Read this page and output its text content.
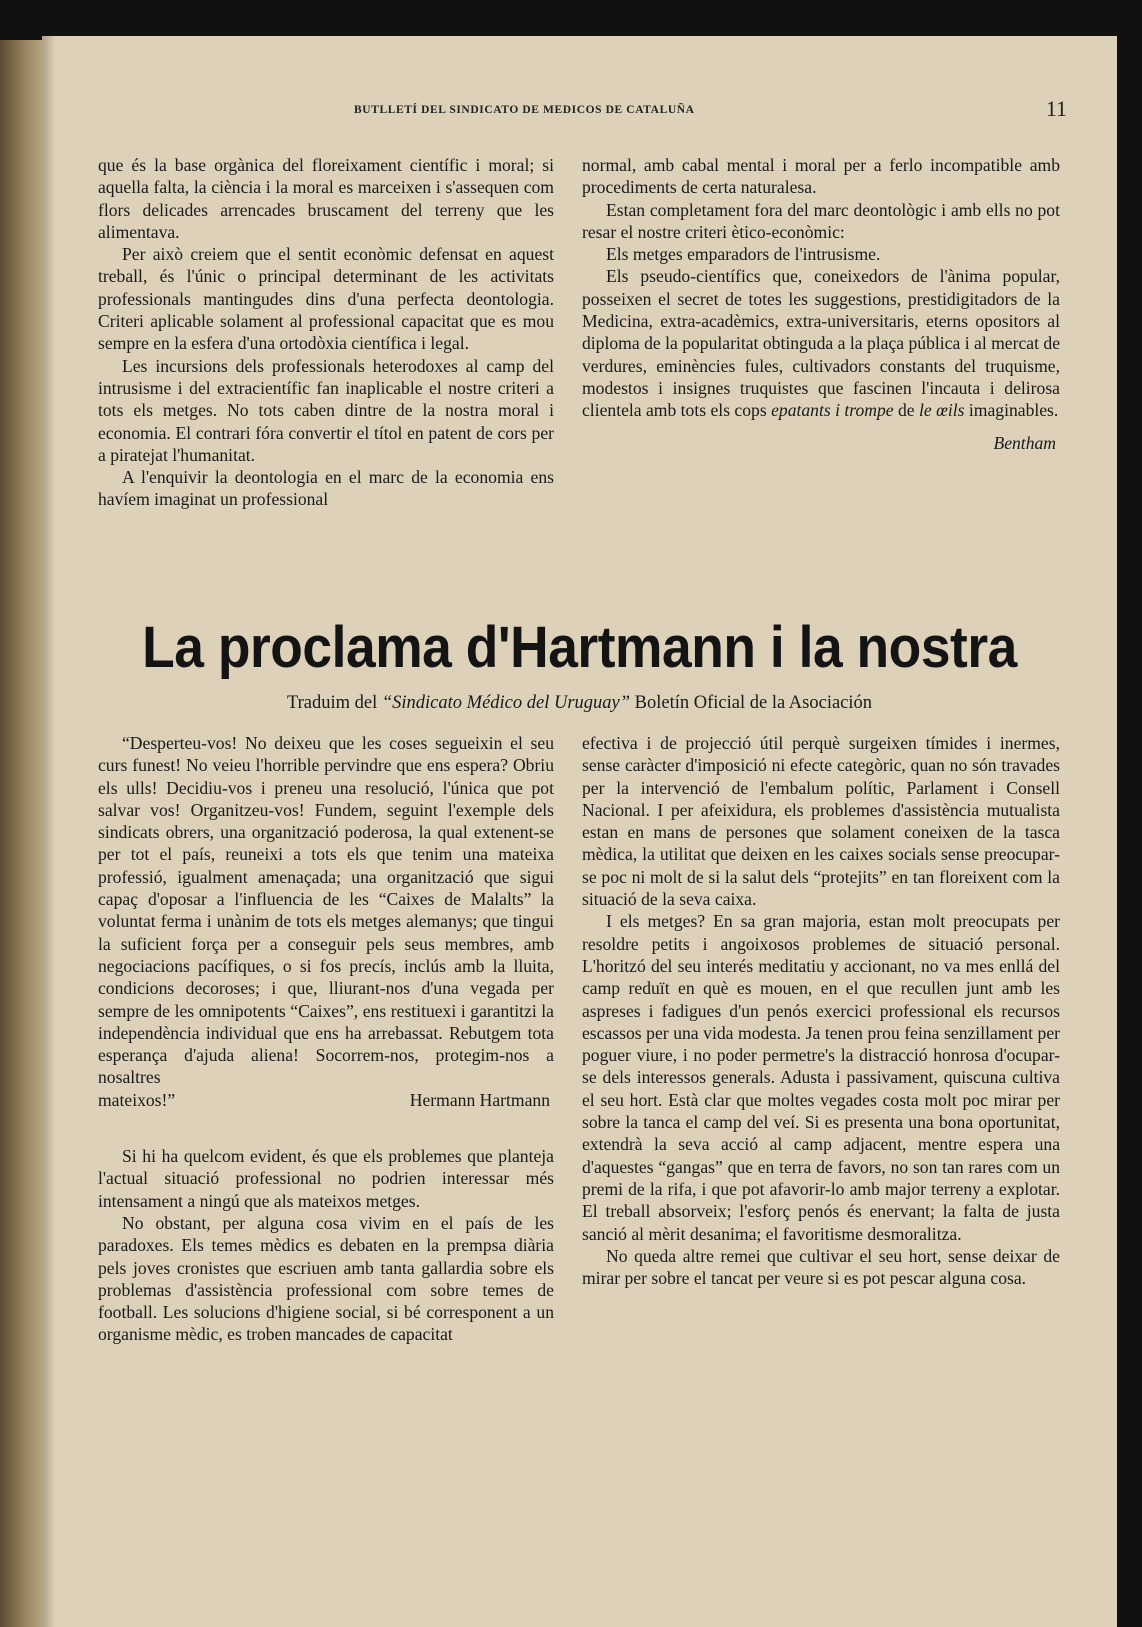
BUTLLETÍ DEL SINDICATO DE MEDICOS DE CATALUÑA	11

que és la base orgànica del floreixament científic i moral; si aquella falta, la ciència i la moral es marceixen i s'assequen com flors delicades arrencades bruscament del terreny que les alimentava.

Per això creiem que el sentit econòmic defensat en aquest treball, és l'únic o principal determinant de les activitats professionals mantingudes dins d'una perfecta deontologia. Criteri aplicable solament al professional capacitat que es mou sempre en la esfera d'una ortodòxia científica i legal.

Les incursions dels professionals heterodoxes al camp del intrusisme i del extracientífic fan inaplicable el nostre criteri a tots els metges. No tots caben dintre de la nostra moral i economia. El contrari fóra convertir el títol en patent de cors per a piratejat l'humanitat.

A l'enquivir la deontologia en el marc de la economia ens havíem imaginat un professional

normal, amb cabal mental i moral per a ferlo incompatible amb procediments de certa naturalesa.

Estan completament fora del marc deontològic i amb ells no pot resar el nostre criteri ètico-econòmic:

Els metges emparadors de l'intrusisme.

Els pseudo-científics que, coneixedors de l'ànima popular, posseixen el secret de totes les suggestions, prestidigitadors de la Medicina, extra-acadèmics, extra-universitaris, eterns opositors al diploma de la popularitat obtinguda a la plaça pública i al mercat de verdures, eminències fules, cultivadors constants del truquisme, modestos i insignes truquistes que fascinen l'incauta i delirosa clientela amb tots els cops epatants i trompe de le œils imaginables.

Bentham
La proclama d'Hartmann i la nostra
Traduim del “Sindicato Médico del Uruguay” Boletín Oficial de la Asociación

“Desperteu-vos! No deixeu que les coses segueixin el seu curs funest! No veieu l'horrible pervindre que ens espera? Obriu els ulls! Decidiu-vos i preneu una resolució, l'única que pot salvar vos! Organitzeu-vos! Fundem, seguint l'exemple dels sindicats obrers, una organització poderosa, la qual extenent-se per tot el país, reuneixi a tots els que tenim una mateixa professió, igualment amenaçada; una organització que sigui capaç d'oposar a l'influencia de les “Caixes de Malalts” la voluntat ferma i unànim de tots els metges alemanys; que tingui la suficient força per a conseguir pels seus membres, amb negociacions pacífiques, o si fos precís, inclús amb la lluita, condicions decoroses; i que, lliurant-nos d'una vegada per sempre de les omnipotents “Caixes”, ens restituexi i garantitzi la independència individual que ens ha arrebassat. Rebutgem tota esperança d'ajuda aliena! Socorrem-nos, protegim-nos a nosaltres

mateixos!”	Hermann Hartmann

Si hi ha quelcom evident, és que els problemes que planteja l'actual situació professional no podrien interessar més intensament a ningú que als mateixos metges.

No obstant, per alguna cosa vivim en el país de les paradoxes. Els temes mèdics es debaten en la prempsa diària pels joves cronistes que escriuen amb tanta gallardia sobre els problemas d'assistència professional com sobre temes de football. Les solucions d'higiene social, si bé corresponent a un organisme mèdic, es troben mancades de capacitat

efectiva i de projecció útil perquè surgeixen tímides i inermes, sense caràcter d'imposició ni efecte categòric, quan no són travades per la intervenció de l'embalum polític, Parlament i Consell Nacional. I per afeixidura, els problemes d'assistència mutualista estan en mans de persones que solament coneixen de la tasca mèdica, la utilitat que deixen en les caixes socials sense preocupar-se poc ni molt de si la salut dels “protejits” en tan floreixent com la situació de la seva caixa.

I els metges? En sa gran majoria, estan molt preocupats per resoldre petits i angoixosos problemes de situació personal. L'horitzó del seu interés meditatiu y accionant, no va mes enllá del camp reduït en què es mouen, en el que recullen junt amb les aspreses i fadigues d'un penós exercici professional els recursos escassos per una vida modesta. Ja tenen prou feina senzillament per poguer viure, i no poder permetre's la distracció honrosa d'ocupar-se dels interessos generals. Adusta i passivament, quiscuna cultiva el seu hort. Està clar que moltes vegades costa molt poc mirar per sobre la tanca el camp del veí. Si es presenta una bona oportunitat, extendrà la seva acció al camp adjacent, mentre espera una d'aquestes “gangas” que en terra de favors, no son tan rares com un premi de la rifa, i que pot afavorir-lo amb major terreny a explotar. El treball absorveix; l'esforç penós és enervant; la falta de justa sanció al mèrit desanima; el favoritisme desmoralitza.

No queda altre remei que cultivar el seu hort, sense deixar de mirar per sobre el tancat per veure si es pot pescar alguna cosa.
